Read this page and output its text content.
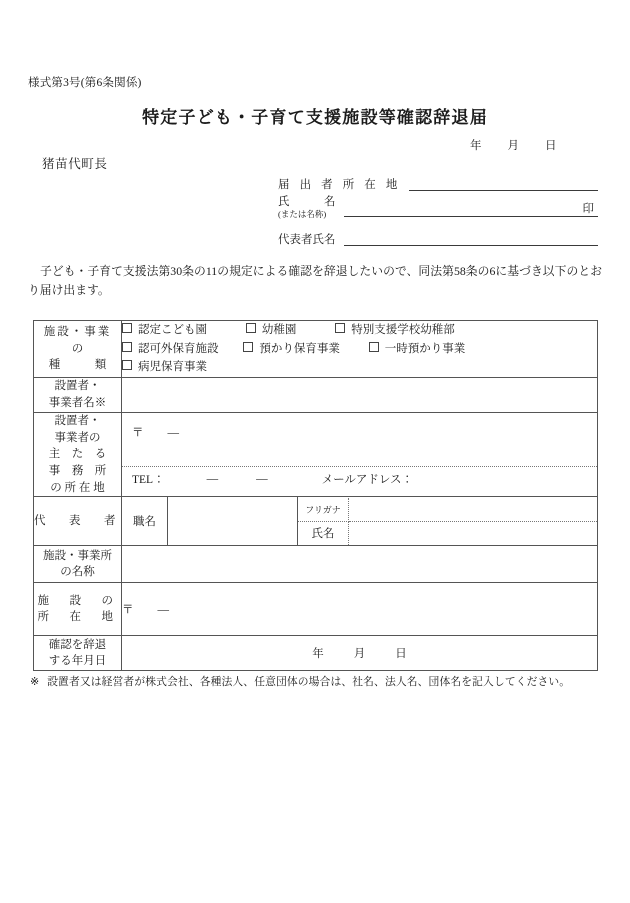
様式第3号(第6条関係)
特定子ども・子育て支援施設等確認辞退届
年 月 日
猪苗代町長
届 出 者 所 在 地
氏　　　名
(または名称)	印
代表者氏名
子ども・子育て支援法第30条の11の規定による確認を辞退したいので、同法第58条の6に基づき以下のとおり届け出ます。
施設・事業
の
種　　　類

認定こども園	幼稚園	特別支援学校幼稚部
認可外保育施設	預かり保育事業	一時預かり事業
病児保育事業

設置者・
事業者名※

設置者・
事業者の
主　た　る
事　務　所
の 所 在 地

〒 —
TEL：	—	—	メールアドレス：

代　表　者	職名		
フリガナ	
氏名	

施設・事業所
の名称

施　設　の
所　在　地
	〒 —

確認を辞退
する年月日
	年	月	日
※ 設置者又は経営者が株式会社、各種法人、任意団体の場合は、社名、法人名、団体名を記入してください。
